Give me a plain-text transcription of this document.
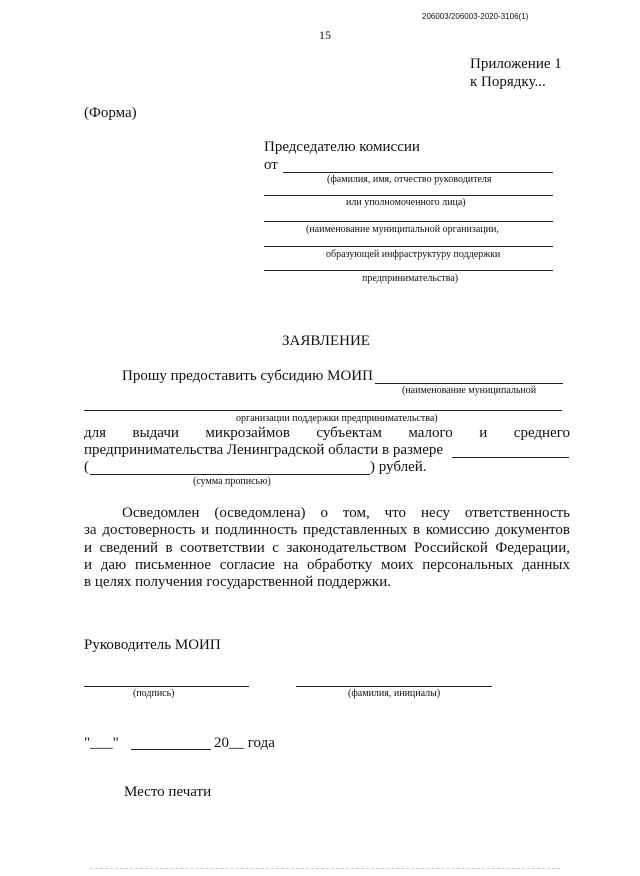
206003/206003-2020-3106(1)
15
Приложение 1
к Порядку...
(Форма)
Председателю комиссии
от
(фамилия, имя, отчество руководителя
или уполномоченного лица)
(наименование муниципальной организации,
образующей инфраструктуру поддержки
предпринимательства)
ЗАЯВЛЕНИЕ
Прошу предоставить субсидию МОИП
(наименование муниципальной
организации поддержки предпринимательства)
для выдачи микрозаймов субъектам малого и среднего
предпринимательства Ленинградской области в размере
(	) рублей.
(сумма прописью)
Осведомлен (осведомлена) о том, что несу ответственность
за достоверность и подлинность представленных в комиссию документов
и сведений в соответствии с законодательством Российской Федерации,
и даю письменное согласие на обработку моих персональных данных
в целях получения государственной поддержки.
Руководитель МОИП
(подпись)	(фамилия, инициалы)
"___"	20__ года
Место печати
